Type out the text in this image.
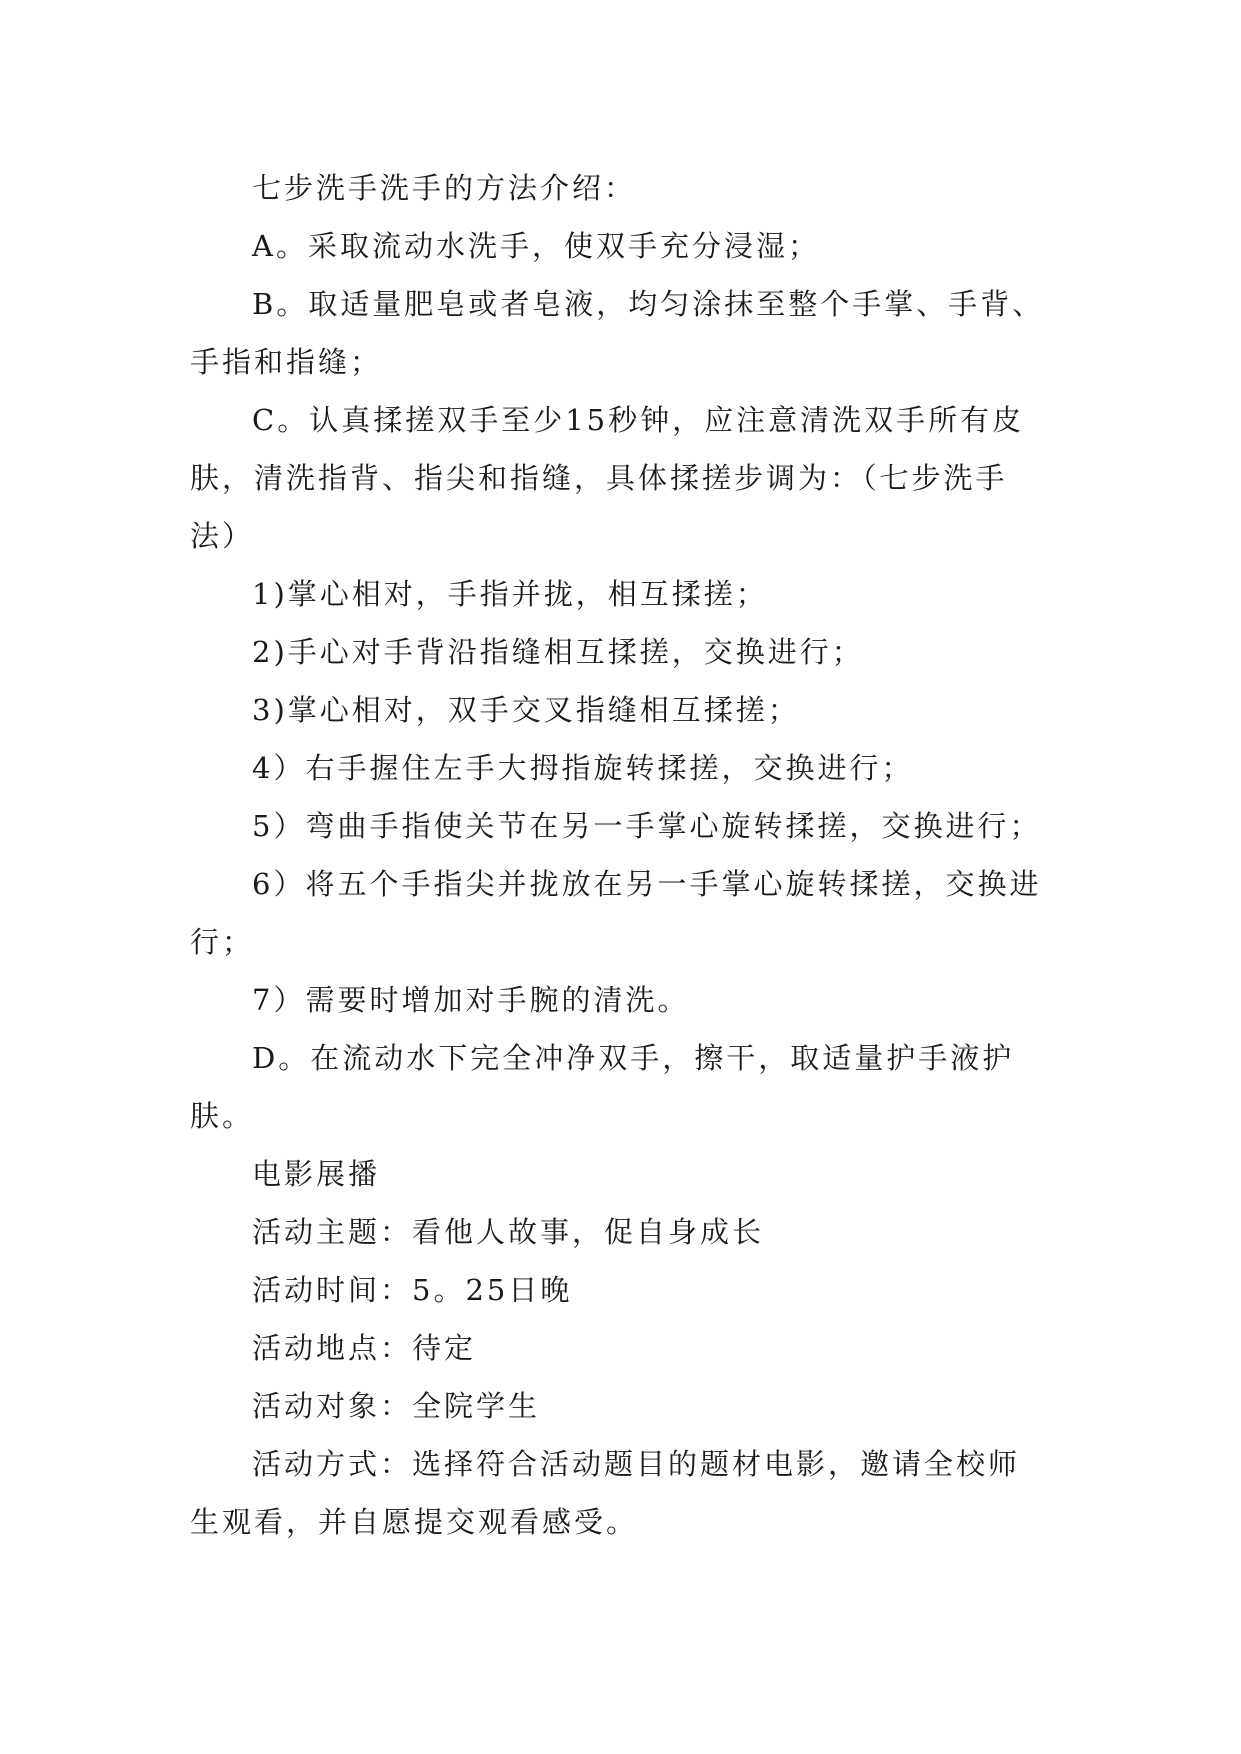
七步洗手洗手的方法介绍：

A。采取流动水洗手，使双手充分浸湿；

B。取适量肥皂或者皂液，均匀涂抹至整个手掌、手背、手指和指缝；

C。认真揉搓双手至少15秒钟，应注意清洗双手所有皮肤，清洗指背、指尖和指缝，具体揉搓步调为：（七步洗手法）

1)掌心相对，手指并拢，相互揉搓；

2)手心对手背沿指缝相互揉搓，交换进行；

3)掌心相对，双手交叉指缝相互揉搓；

4）右手握住左手大拇指旋转揉搓，交换进行；

5）弯曲手指使关节在另一手掌心旋转揉搓，交换进行；

6）将五个手指尖并拢放在另一手掌心旋转揉搓，交换进行；

7）需要时增加对手腕的清洗。

D。在流动水下完全冲净双手，擦干，取适量护手液护肤。

电影展播

活动主题：看他人故事，促自身成长

活动时间：5。25日晚

活动地点：待定

活动对象：全院学生

活动方式：选择符合活动题目的题材电影，邀请全校师生观看，并自愿提交观看感受。
